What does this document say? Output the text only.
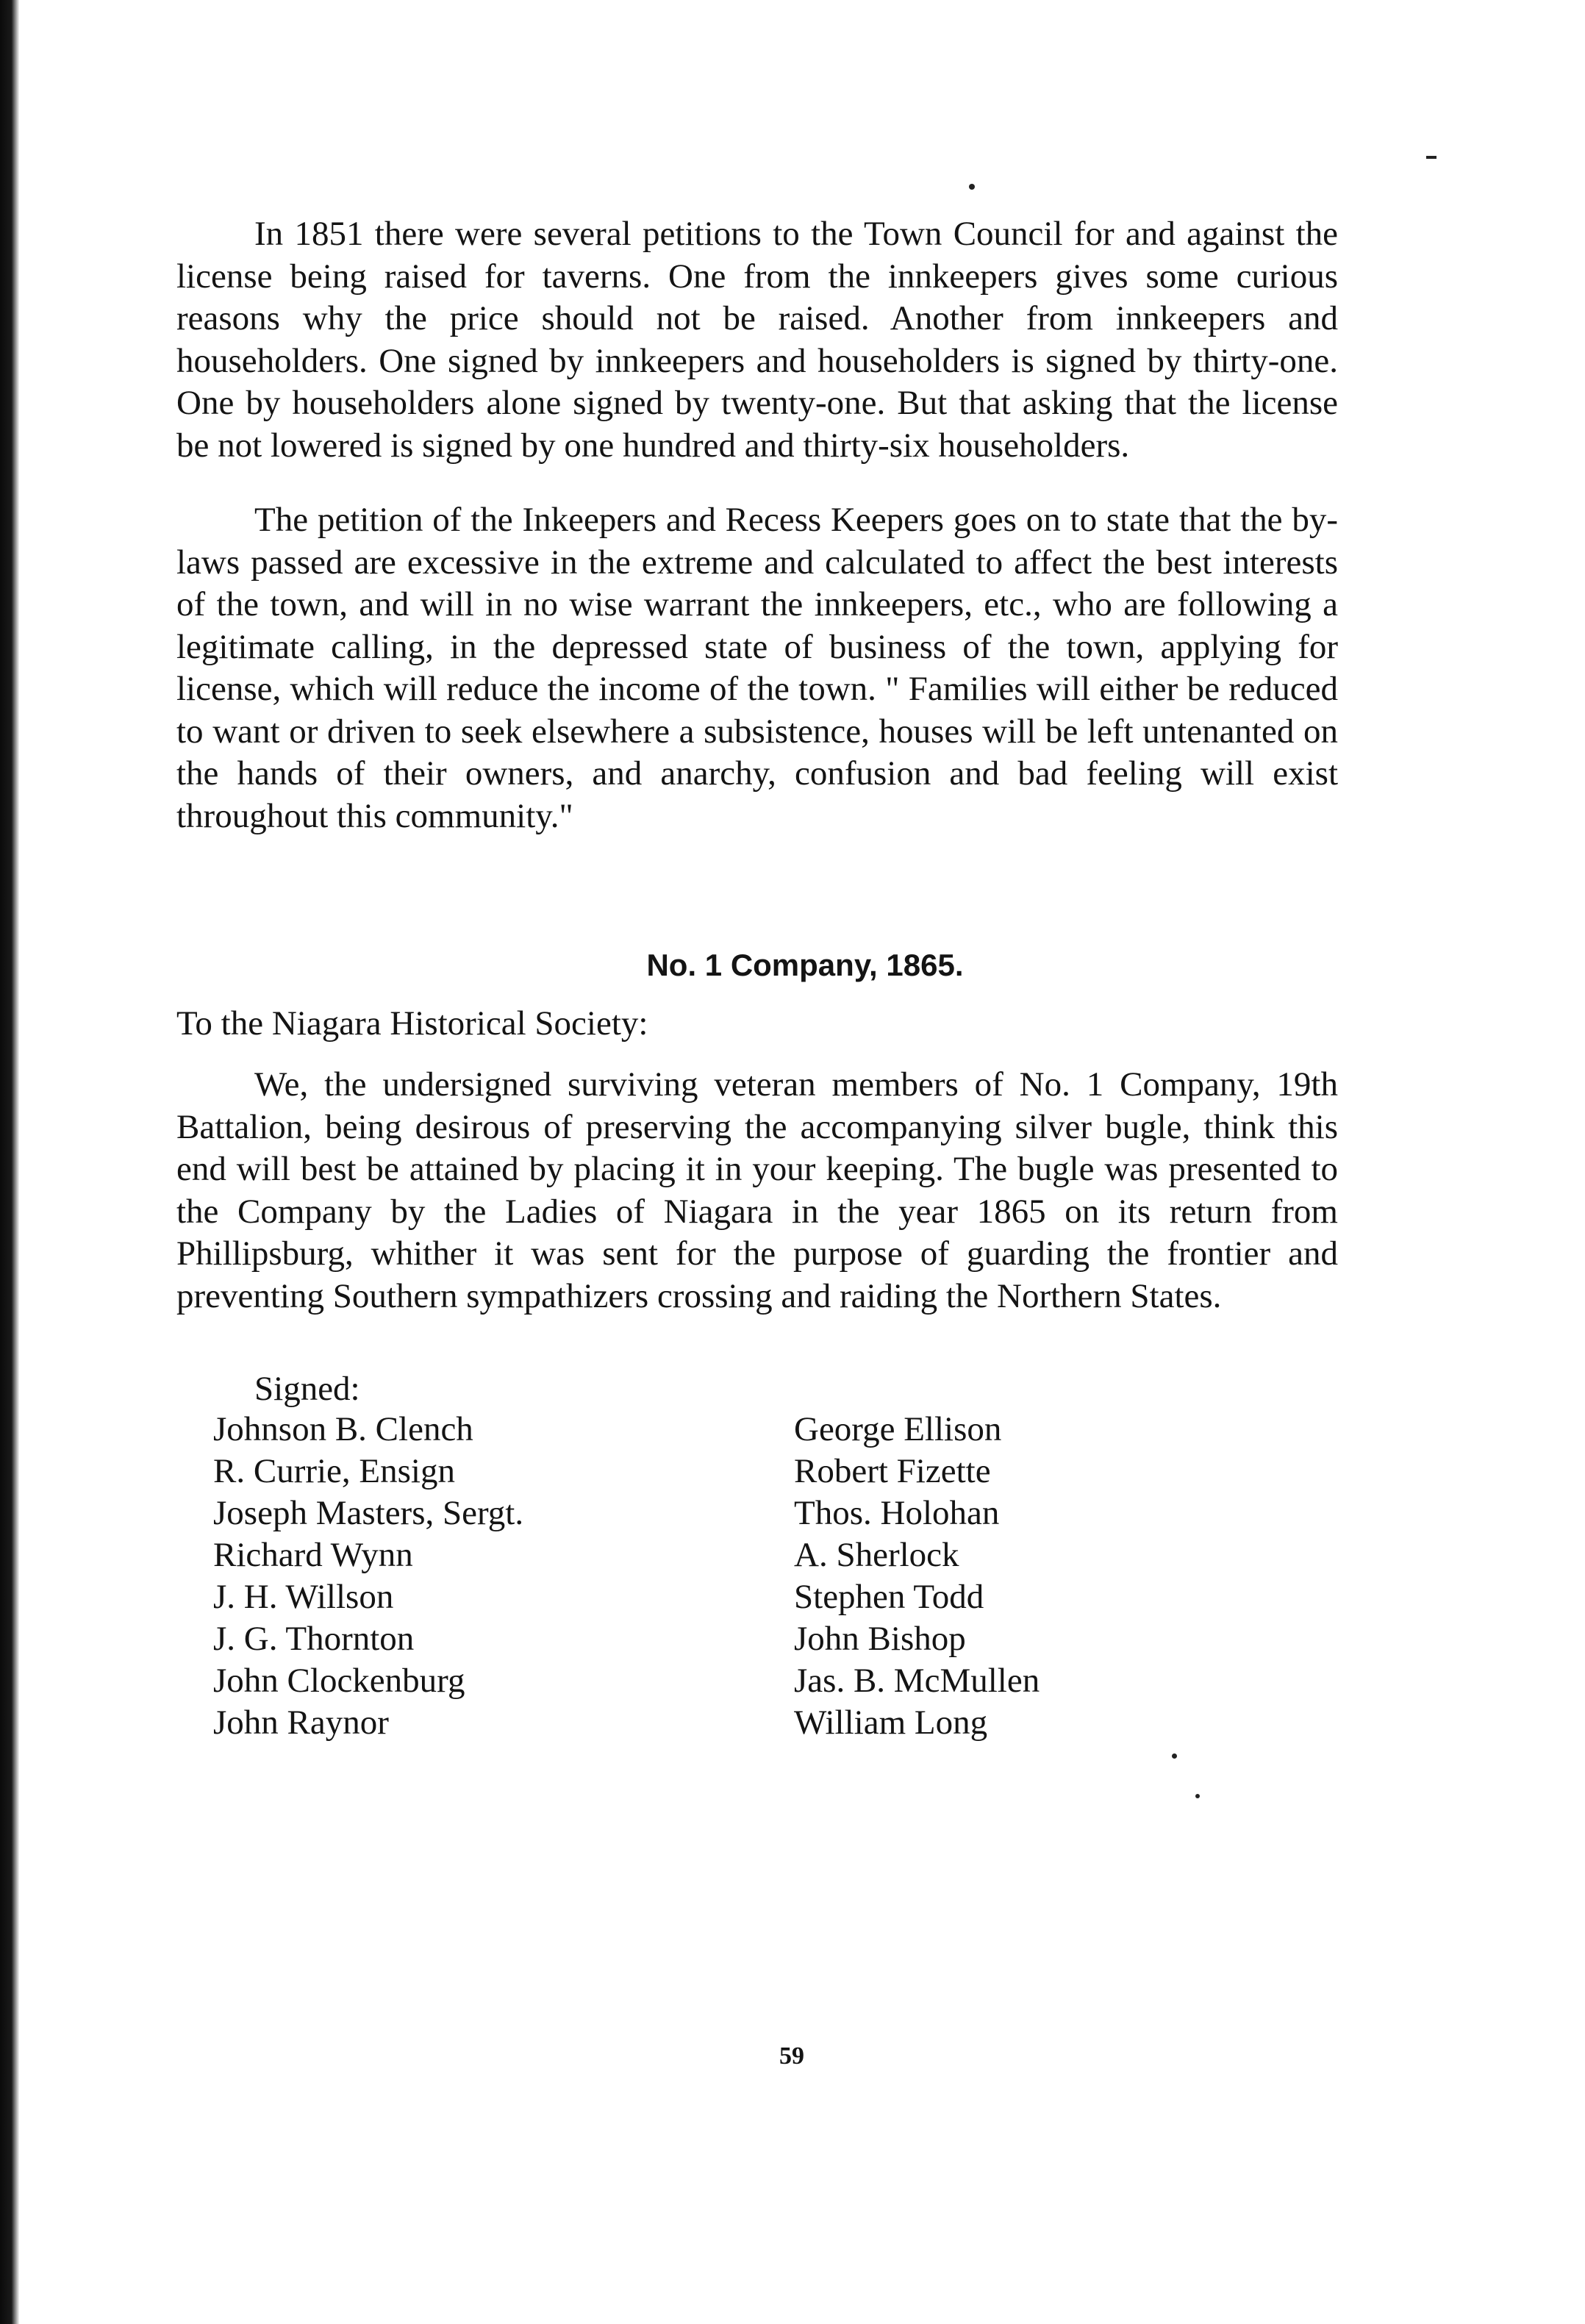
In 1851 there were several petitions to the Town Council for and against the license being raised for taverns. One from the innkeepers gives some curious reasons why the price should not be raised. Another from innkeepers and householders. One signed by innkeepers and householders is signed by thirty-one. One by householders alone signed by twenty-one. But that asking that the license be not lowered is signed by one hundred and thirty-six householders.

The petition of the Inkeepers and Recess Keepers goes on to state that the by-laws passed are excessive in the extreme and calculated to affect the best interests of the town, and will in no wise warrant the innkeepers, etc., who are following a legitimate calling, in the depressed state of business of the town, applying for license, which will reduce the income of the town. " Families will either be reduced to want or driven to seek elsewhere a subsistence, houses will be left untenanted on the hands of their owners, and anarchy, confusion and bad feeling will exist throughout this community."

No. 1 Company, 1865.

To the Niagara Historical Society:

We, the undersigned surviving veteran members of No. 1 Company, 19th Battalion, being desirous of preserving the accompanying silver bugle, think this end will best be attained by placing it in your keeping. The bugle was presented to the Company by the Ladies of Niagara in the year 1865 on its return from Phillipsburg, whither it was sent for the purpose of guarding the frontier and preventing Southern sympathizers crossing and raiding the Northern States.

Signed:

Johnson B. Clench
R. Currie, Ensign
Joseph Masters, Sergt.
Richard Wynn
J. H. Willson
J. G. Thornton
John Clockenburg
John Raynor
George Ellison
Robert Fizette
Thos. Holohan
A. Sherlock
Stephen Todd
John Bishop
Jas. B. McMullen
William Long
59
